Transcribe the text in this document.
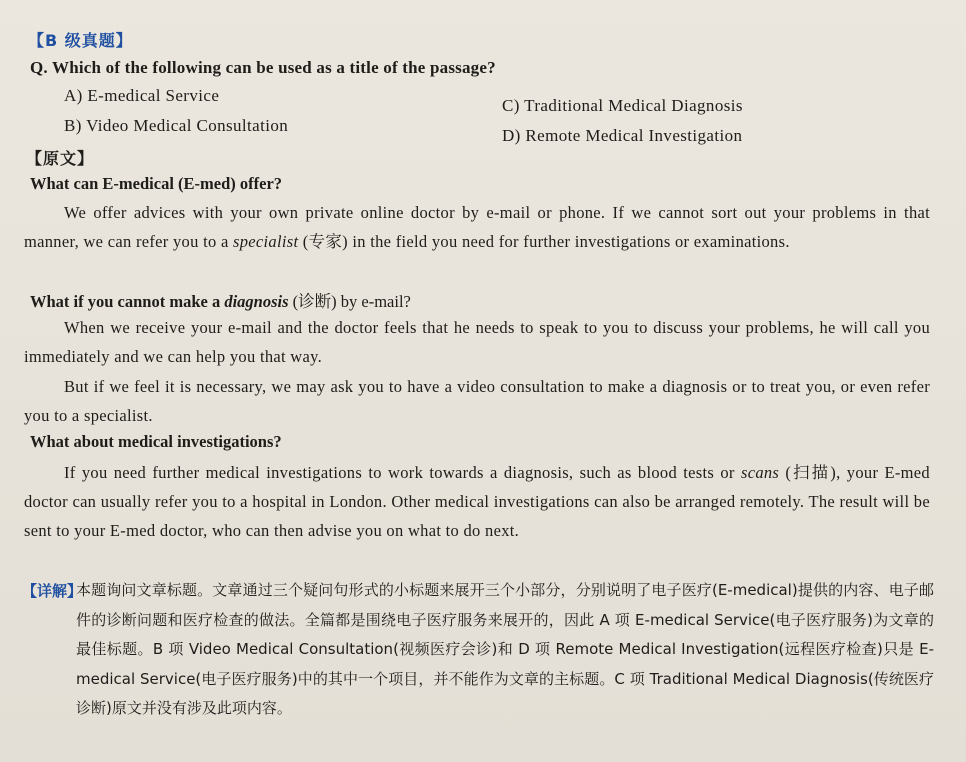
【B 级真题】
Q. Which of the following can be used as a title of the passage?
A) E-medical Service
C) Traditional Medical Diagnosis
B) Video Medical Consultation
D) Remote Medical Investigation
【原文】
What can E-medical (E-med) offer?
We offer advices with your own private online doctor by e-mail or phone. If we cannot sort out your problems in that manner, we can refer you to a specialist (专家) in the field you need for further investigations or examinations.
What if you cannot make a diagnosis (诊断) by e-mail?
When we receive your e-mail and the doctor feels that he needs to speak to you to discuss your problems, he will call you immediately and we can help you that way.
But if we feel it is necessary, we may ask you to have a video consultation to make a diagnosis or to treat you, or even refer you to a specialist.
What about medical investigations?
If you need further medical investigations to work towards a diagnosis, such as blood tests or scans (扫描), your E-med doctor can usually refer you to a hospital in London. Other medical investigations can also be arranged remotely. The result will be sent to your E-med doctor, who can then advise you on what to do next.
【详解】
本题询问文章标题。文章通过三个疑问句形式的小标题来展开三个小部分，分别说明了电子医疗(E-medical)提供的内容、电子邮件的诊断问题和医疗检查的做法。全篇都是围绕电子医疗服务来展开的，因此 A 项 E-medical Service(电子医疗服务)为文章的最佳标题。B 项 Video Medical Consultation(视频医疗会诊)和 D 项 Remote Medical Investigation(远程医疗检查)只是 E-medical Service(电子医疗服务)中的其中一个项目，并不能作为文章的主标题。C 项 Traditional Medical Diagnosis(传统医疗诊断)原文并没有涉及此项内容。
